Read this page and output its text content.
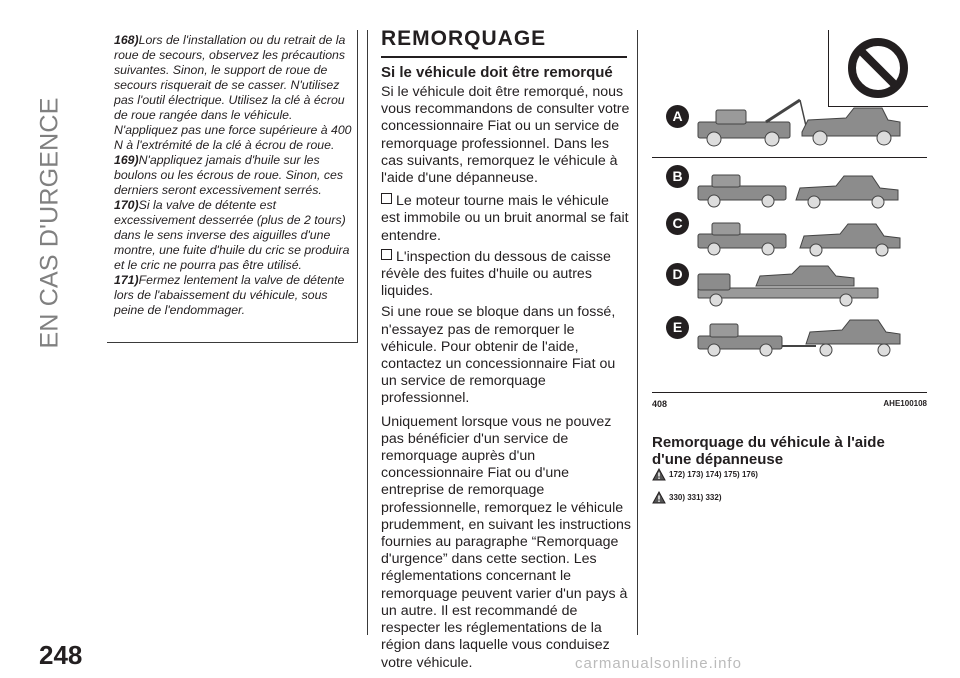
EN CAS D'URGENCE
248

168)Lors de l'installation ou du retrait de la roue de secours, observez les précautions suivantes. Sinon, le support de roue de secours risquerait de se casser. N'utilisez pas l'outil électrique. Utilisez la clé à écrou de roue rangée dans le véhicule. N'appliquez pas une force supérieure à 400 N à l'extrémité de la clé à écrou de roue.

169)N'appliquez jamais d'huile sur les boulons ou les écrous de roue. Sinon, ces derniers seront excessivement serrés.

170)Si la valve de détente est excessivement desserrée (plus de 2 tours) dans le sens inverse des aiguilles d'une montre, une fuite d'huile du cric se produira et le cric ne pourra pas être utilisé.

171)Fermez lentement la valve de détente lors de l'abaissement du véhicule, sous peine de l'endommager.

REMORQUAGE
Si le véhicule doit être remorqué

Si le véhicule doit être remorqué, nous vous recommandons de consulter votre concessionnaire Fiat ou un service de remorquage professionnel. Dans les cas suivants, remorquez le véhicule à l'aide d'une dépanneuse.

Le moteur tourne mais le véhicule est immobile ou un bruit anormal se fait entendre.

L'inspection du dessous de caisse révèle des fuites d'huile ou autres liquides.

Si une roue se bloque dans un fossé, n'essayez pas de remorquer le véhicule. Pour obtenir de l'aide, contactez un concessionnaire Fiat ou un service de remorquage professionnel.

Uniquement lorsque vous ne pouvez pas bénéficier d'un service de remorquage auprès d'un concessionnaire Fiat ou d'une entreprise de remorquage professionnelle, remorquez le véhicule prudemment, en suivant les instructions fournies au paragraphe “Remorquage d'urgence” dans cette section. Les réglementations concernant le remorquage peuvent varier d'un pays à un autre. Il est recommandé de respecter les réglementations de la région dans laquelle vous conduisez votre véhicule.

A
B
C
D
E
408	AHE100108
Remorquage du véhicule à l'aide d'une dépanneuse
172) 173) 174) 175) 176)
330) 331) 332)
carmanualsonline.info
